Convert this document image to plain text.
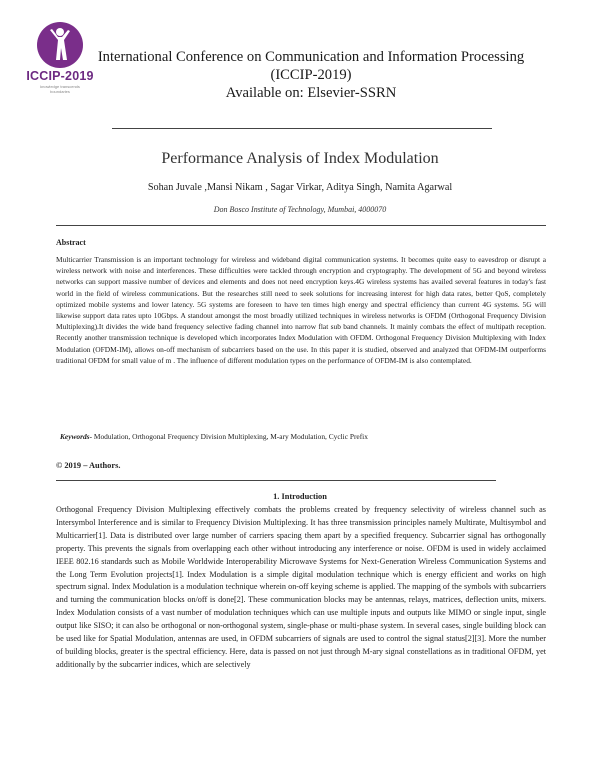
ICCIP-2019
knowledge transcends boundaries
International Conference on Communication and Information Processing
(ICCIP-2019)
Available on: Elsevier-SSRN
Performance Analysis of Index Modulation
Sohan Juvale ,Mansi Nikam , Sagar Virkar, Aditya Singh, Namita Agarwal
Don Bosco Institute of Technology, Mumbai, 4000070
Abstract

Multicarrier Transmission is an important technology for wireless and wideband digital communication systems. It becomes quite easy to eavesdrop or disrupt a wireless network with noise and interferences. These difficulties were tackled through encryption and cryptography. The development of 5G and beyond wireless networks can support massive number of devices and elements and does not need encryption keys.4G wireless systems has availed several features in today's fast world in the field of wireless communications. But the researches still need to seek solutions for increasing interest for high data rates, better QoS, completely optimized mobile systems and lower latency. 5G systems are foreseen to have ten times high energy and spectral efficiency than current 4G systems. 5G will likewise support data rates upto 10Gbps. A standout amongst the most broadly utilized techniques in wireless networks is OFDM (Orthogonal Frequency Division Multiplexing).It divides the wide band frequency selective fading channel into narrow flat sub band channels. It mainly combats the effect of multipath reception. Recently another transmission technique is developed which incorporates Index Modulation with OFDM. Orthogonal Frequency Division Multiplexing with Index Modulation (OFDM-IM), allows on-off mechanism of subcarriers based on the use. In this paper it is studied, observed and analyzed that OFDM-IM outperforms traditional OFDM for small value of m . The influence of different modulation types on the performance of OFDM-IM is also contemplated.

Keywords- Modulation, Orthogonal Frequency Division Multiplexing, M-ary Modulation, Cyclic Prefix
© 2019 – Authors.
1. Introduction

Orthogonal Frequency Division Multiplexing effectively combats the problems created by frequency selectivity of wireless channel such as Intersymbol Interference and is similar to Frequency Division Multiplexing. It has three transmission principles namely Multirate, Multisymbol and Multicarrier[1]. Data is distributed over large number of carriers spacing them apart by a specified frequency. Subcarrier signal has orthogonally property. This prevents the signals from overlapping each other without introducing any interference or noise. OFDM is used in widely acclaimed IEEE 802.16 standards such as Mobile Worldwide Interoperability Microwave Systems for Next-Generation Wireless Communication Systems and the Long Term Evolution projects[1]. Index Modulation is a simple digital modulation technique which is energy efficient and works on high spectrum signal. Index Modulation is a modulation technique wherein on-off keying scheme is applied. The mapping of the symbols with subcarriers and turning the communication blocks on/off is done[2]. These communication blocks may be antennas, relays, matrices, deflection units, mixers. Index Modulation consists of a vast number of modulation techniques which can use multiple inputs and outputs like MIMO or single input, single output like SISO; it can also be orthogonal or non-orthogonal system, single-phase or multi-phase system. In several cases, single building block can be used like for Spatial Modulation, antennas are used, in OFDM subcarriers of signals are used to control the signal status[2][3]. More the number of building blocks, greater is the spectral efficiency. Here, data is passed on not just through M-ary signal constellations as in traditional OFDM, yet additionally by the subcarrier indices, which are selectively
